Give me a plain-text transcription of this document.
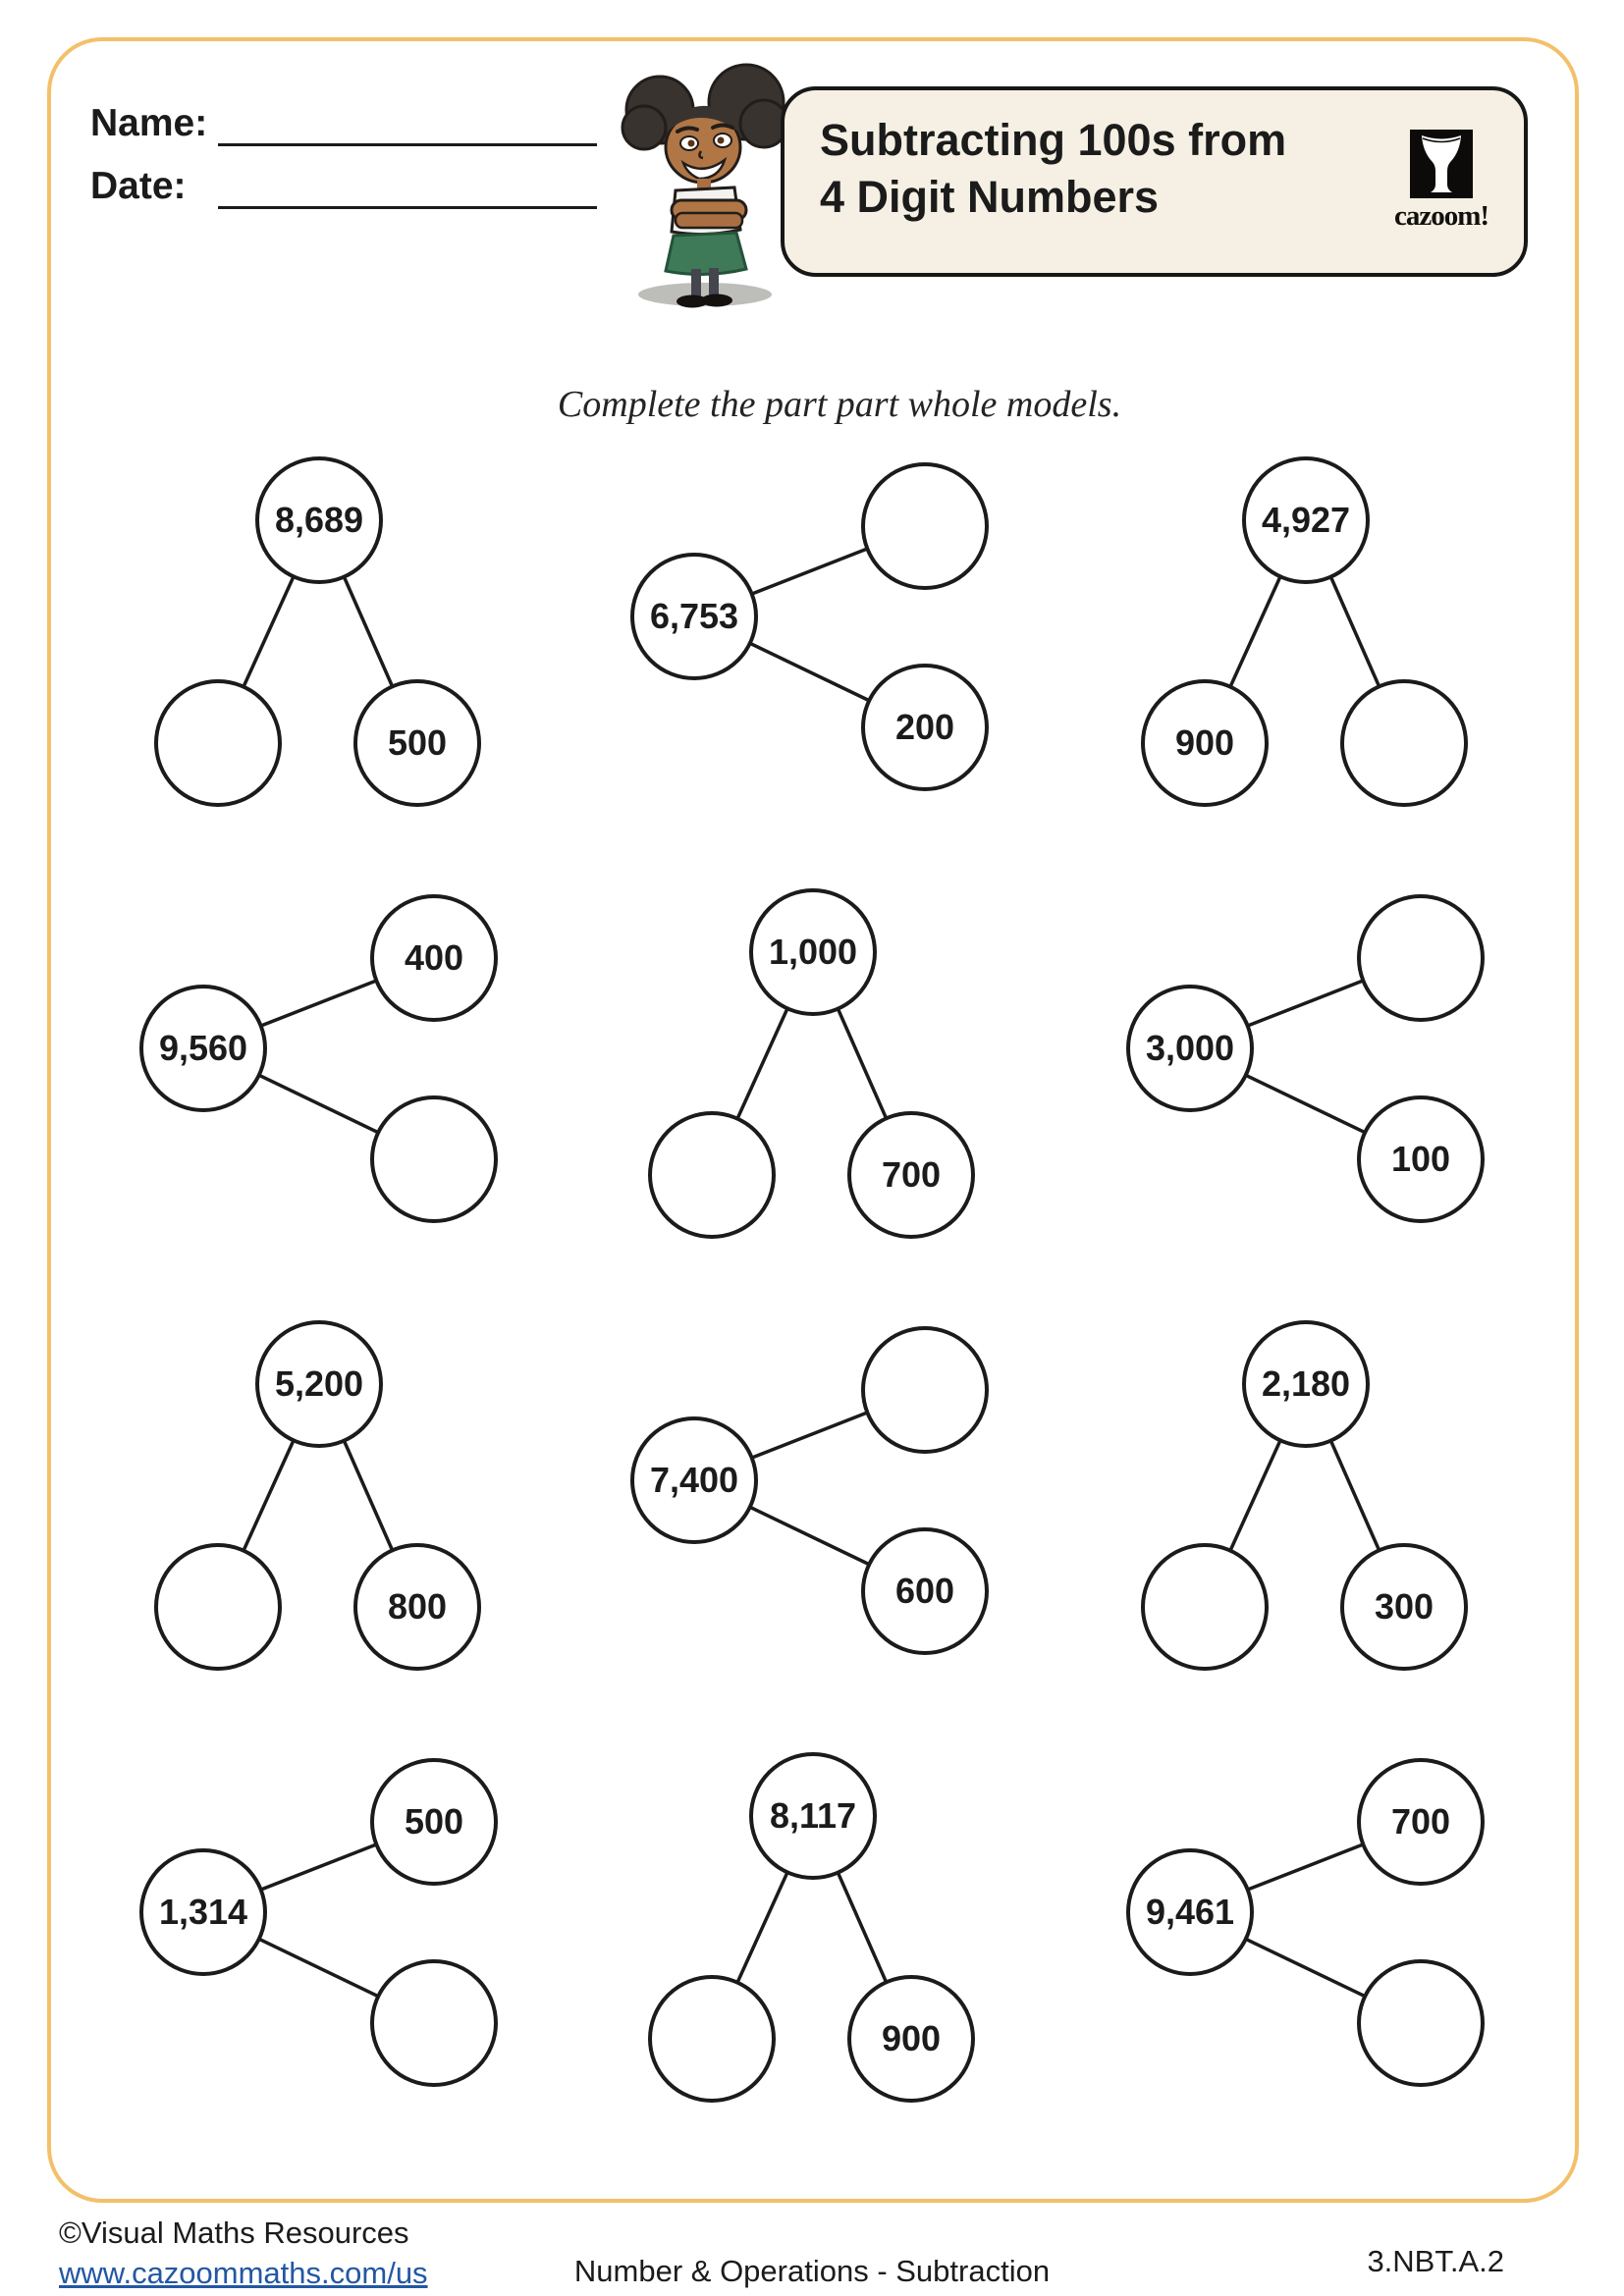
Name:
Date:
Subtracting 100s from
4 Digit Numbers	cazoom!
Complete the part part whole models.
8,689
500
6,753
200
4,927
900
9,560
400	1,000
700
3,000
100
5,200
800
7,400
600
2,180
300
1,314
500	8,117
900
9,461
700
©Visual Maths Resources
www.cazoommaths.com/us	Number & Operations - Subtraction	3.NBT.A.2
